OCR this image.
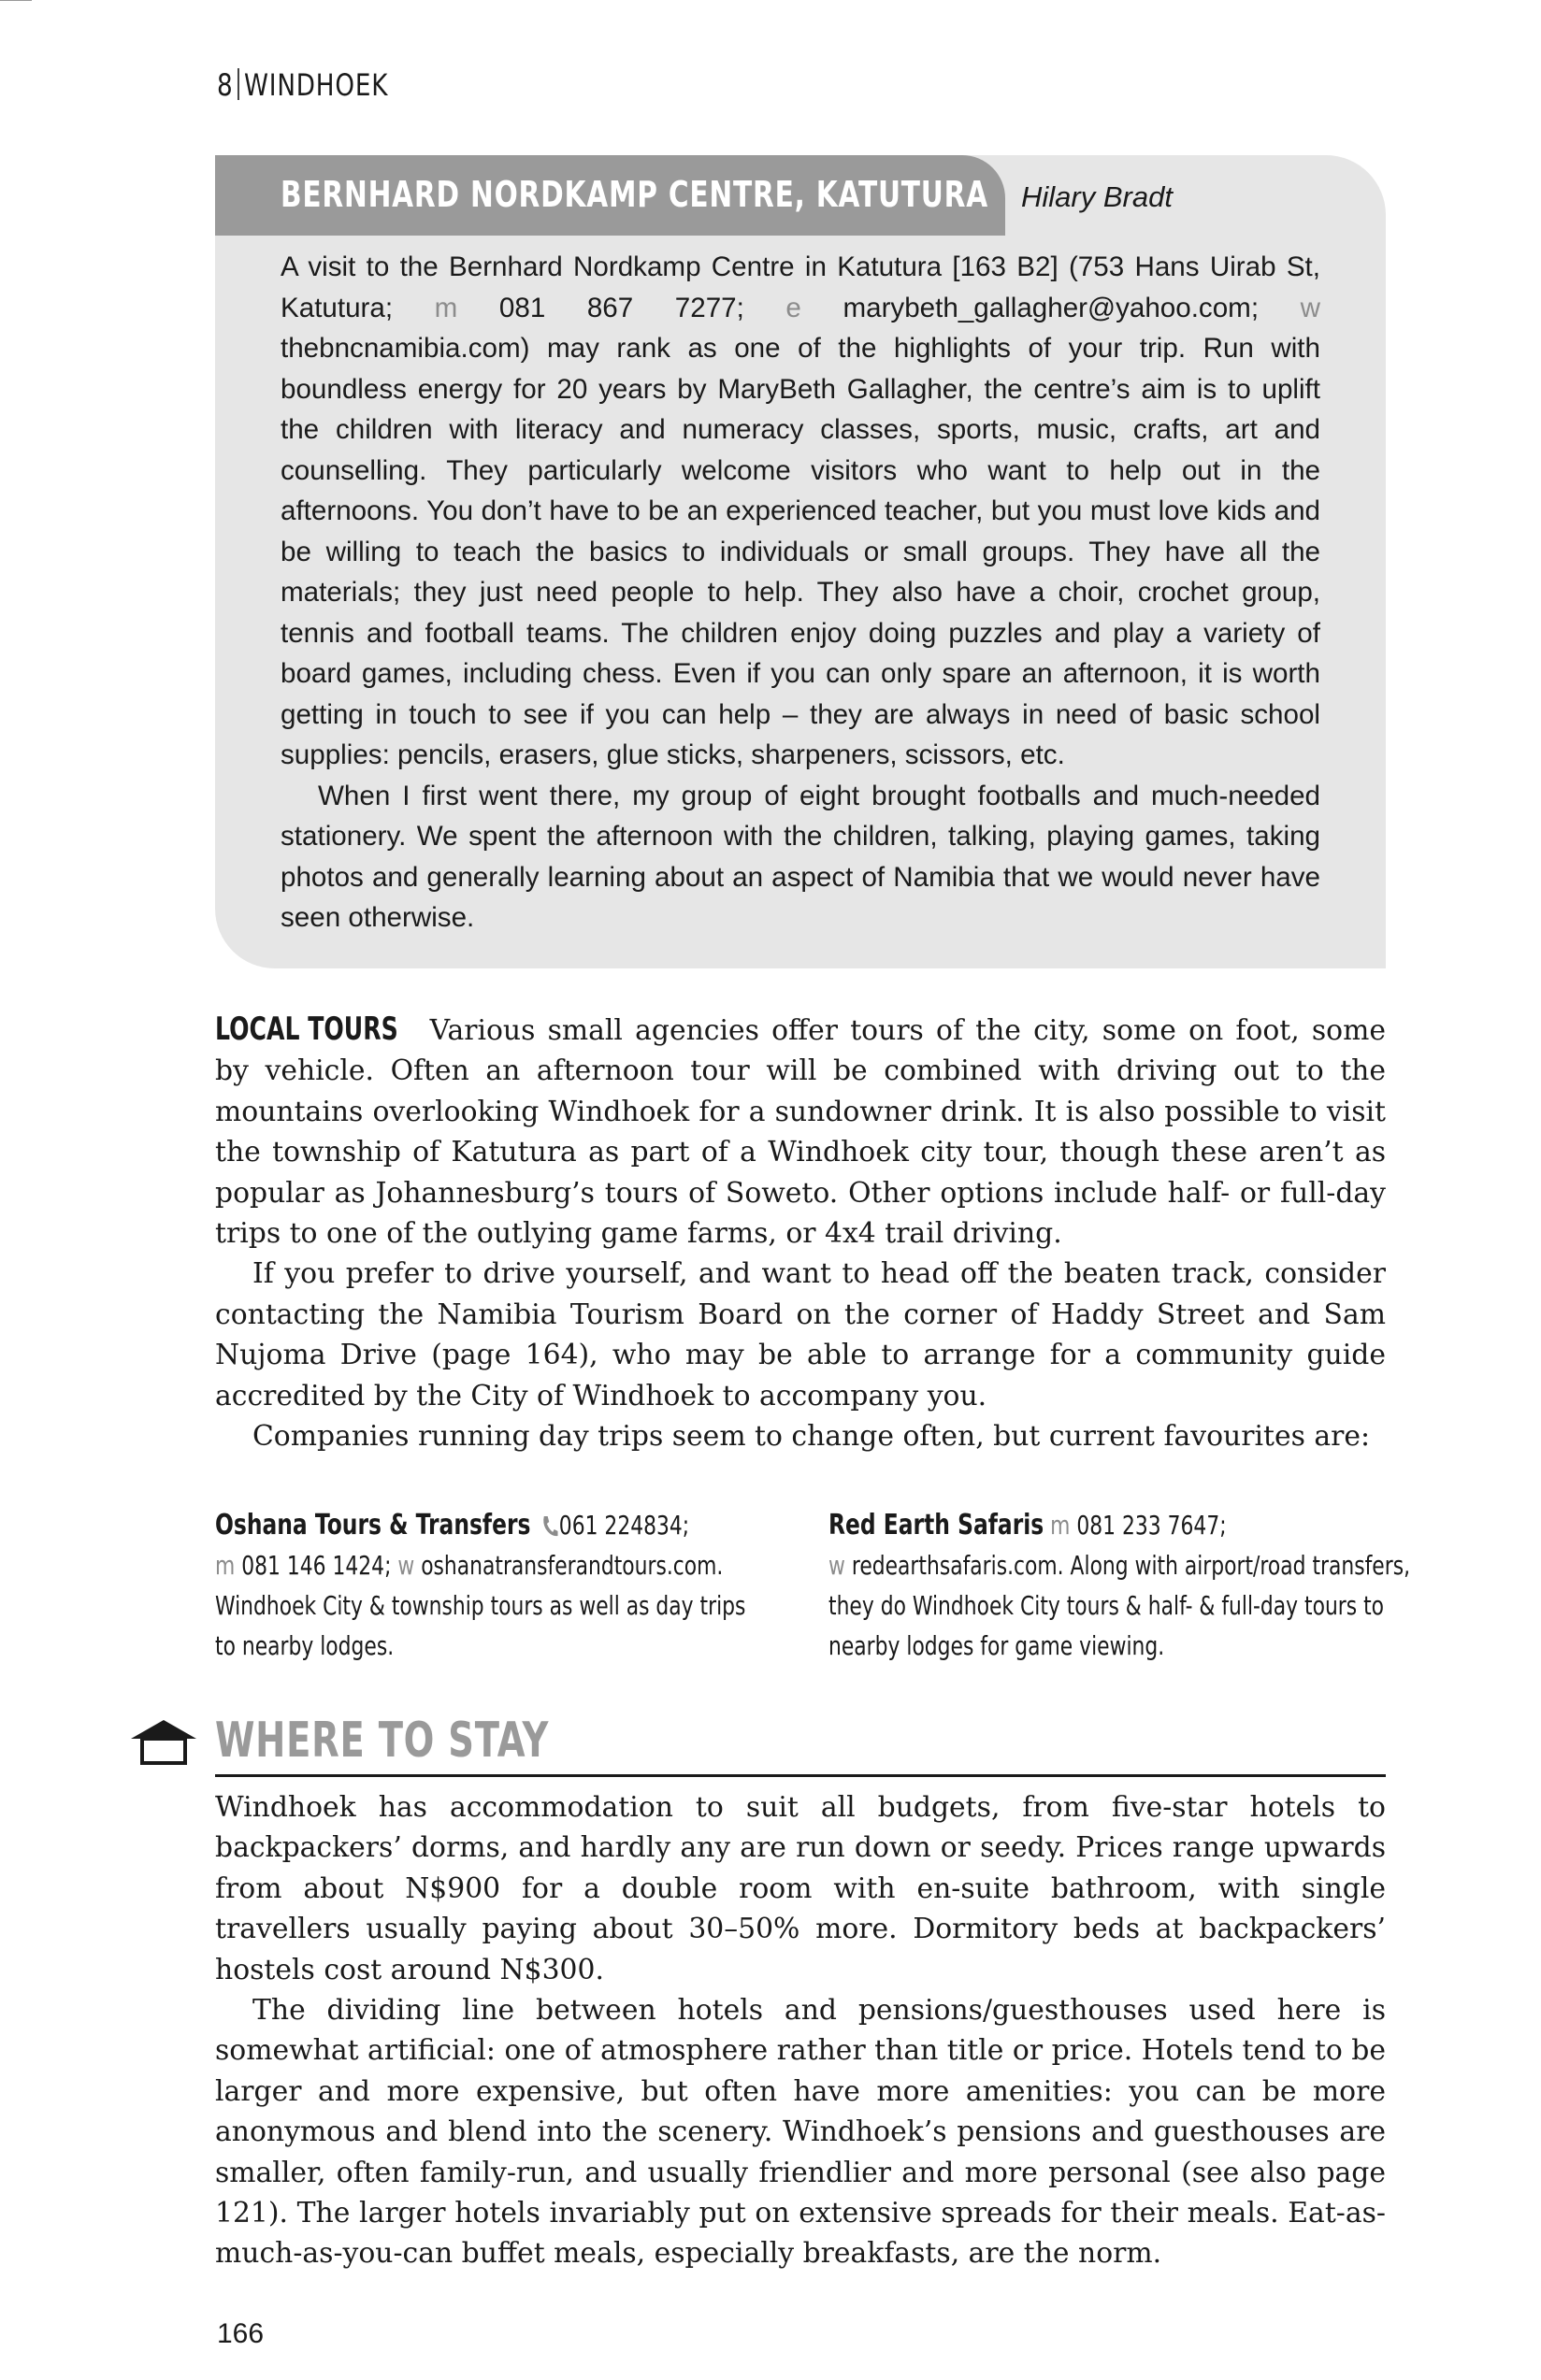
8 WINDHOEK
BERNHARD NORDKAMP CENTRE, KATUTURA Hilary Bradt

A visit to the Bernhard Nordkamp Centre in Katutura [163 B2] (753 Hans Uirab St, Katutura; m 081 867 7277; e marybeth_gallagher@yahoo.com; w thebncnamibia.com) may rank as one of the highlights of your trip. Run with boundless energy for 20 years by MaryBeth Gallagher, the centre’s aim is to uplift the children with literacy and numeracy classes, sports, music, crafts, art and counselling. They particularly welcome visitors who want to help out in the afternoons. You don’t have to be an experienced teacher, but you must love kids and be willing to teach the basics to individuals or small groups. They have all the materials; they just need people to help. They also have a choir, crochet group, tennis and football teams. The children enjoy doing puzzles and play a variety of board games, including chess. Even if you can only spare an afternoon, it is worth getting in touch to see if you can help – they are always in need of basic school supplies: pencils, erasers, glue sticks, sharpeners, scissors, etc.

When I first went there, my group of eight brought footballs and much-needed stationery. We spent the afternoon with the children, talking, playing games, taking photos and generally learning about an aspect of Namibia that we would never have seen otherwise.

LOCAL TOURS Various small agencies offer tours of the city, some on foot, some by vehicle. Often an afternoon tour will be combined with driving out to the mountains overlooking Windhoek for a sundowner drink. It is also possible to visit the township of Katutura as part of a Windhoek city tour, though these aren’t as popular as Johannesburg’s tours of Soweto. Other options include half- or full-day trips to one of the outlying game farms, or 4x4 trail driving.

If you prefer to drive yourself, and want to head off the beaten track, consider contacting the Namibia Tourism Board on the corner of Haddy Street and Sam Nujoma Drive (page 164), who may be able to arrange for a community guide accredited by the City of Windhoek to accompany you.

Companies running day trips seem to change often, but current favourites are:

Oshana Tours & Transfers 061 224834;
m 081 146 1424; w oshanatransferandtours.com.
Windhoek City & township tours as well as day trips to nearby lodges.
Red Earth Safaris m 081 233 7647;
w redearthsafaris.com. Along with airport/road transfers, they do Windhoek City tours & half- & full-day tours to nearby lodges for game viewing.
WHERE TO STAY

Windhoek has accommodation to suit all budgets, from five-star hotels to backpackers’ dorms, and hardly any are run down or seedy. Prices range upwards from about N$900 for a double room with en-suite bathroom, with single travellers usually paying about 30–50% more. Dormitory beds at backpackers’ hostels cost around N$300.

The dividing line between hotels and pensions/guesthouses used here is somewhat artificial: one of atmosphere rather than title or price. Hotels tend to be larger and more expensive, but often have more amenities: you can be more anonymous and blend into the scenery. Windhoek’s pensions and guesthouses are smaller, often family-run, and usually friendlier and more personal (see also page 121). The larger hotels invariably put on extensive spreads for their meals. Eat-as-much-as-you-can buffet meals, especially breakfasts, are the norm.

166
